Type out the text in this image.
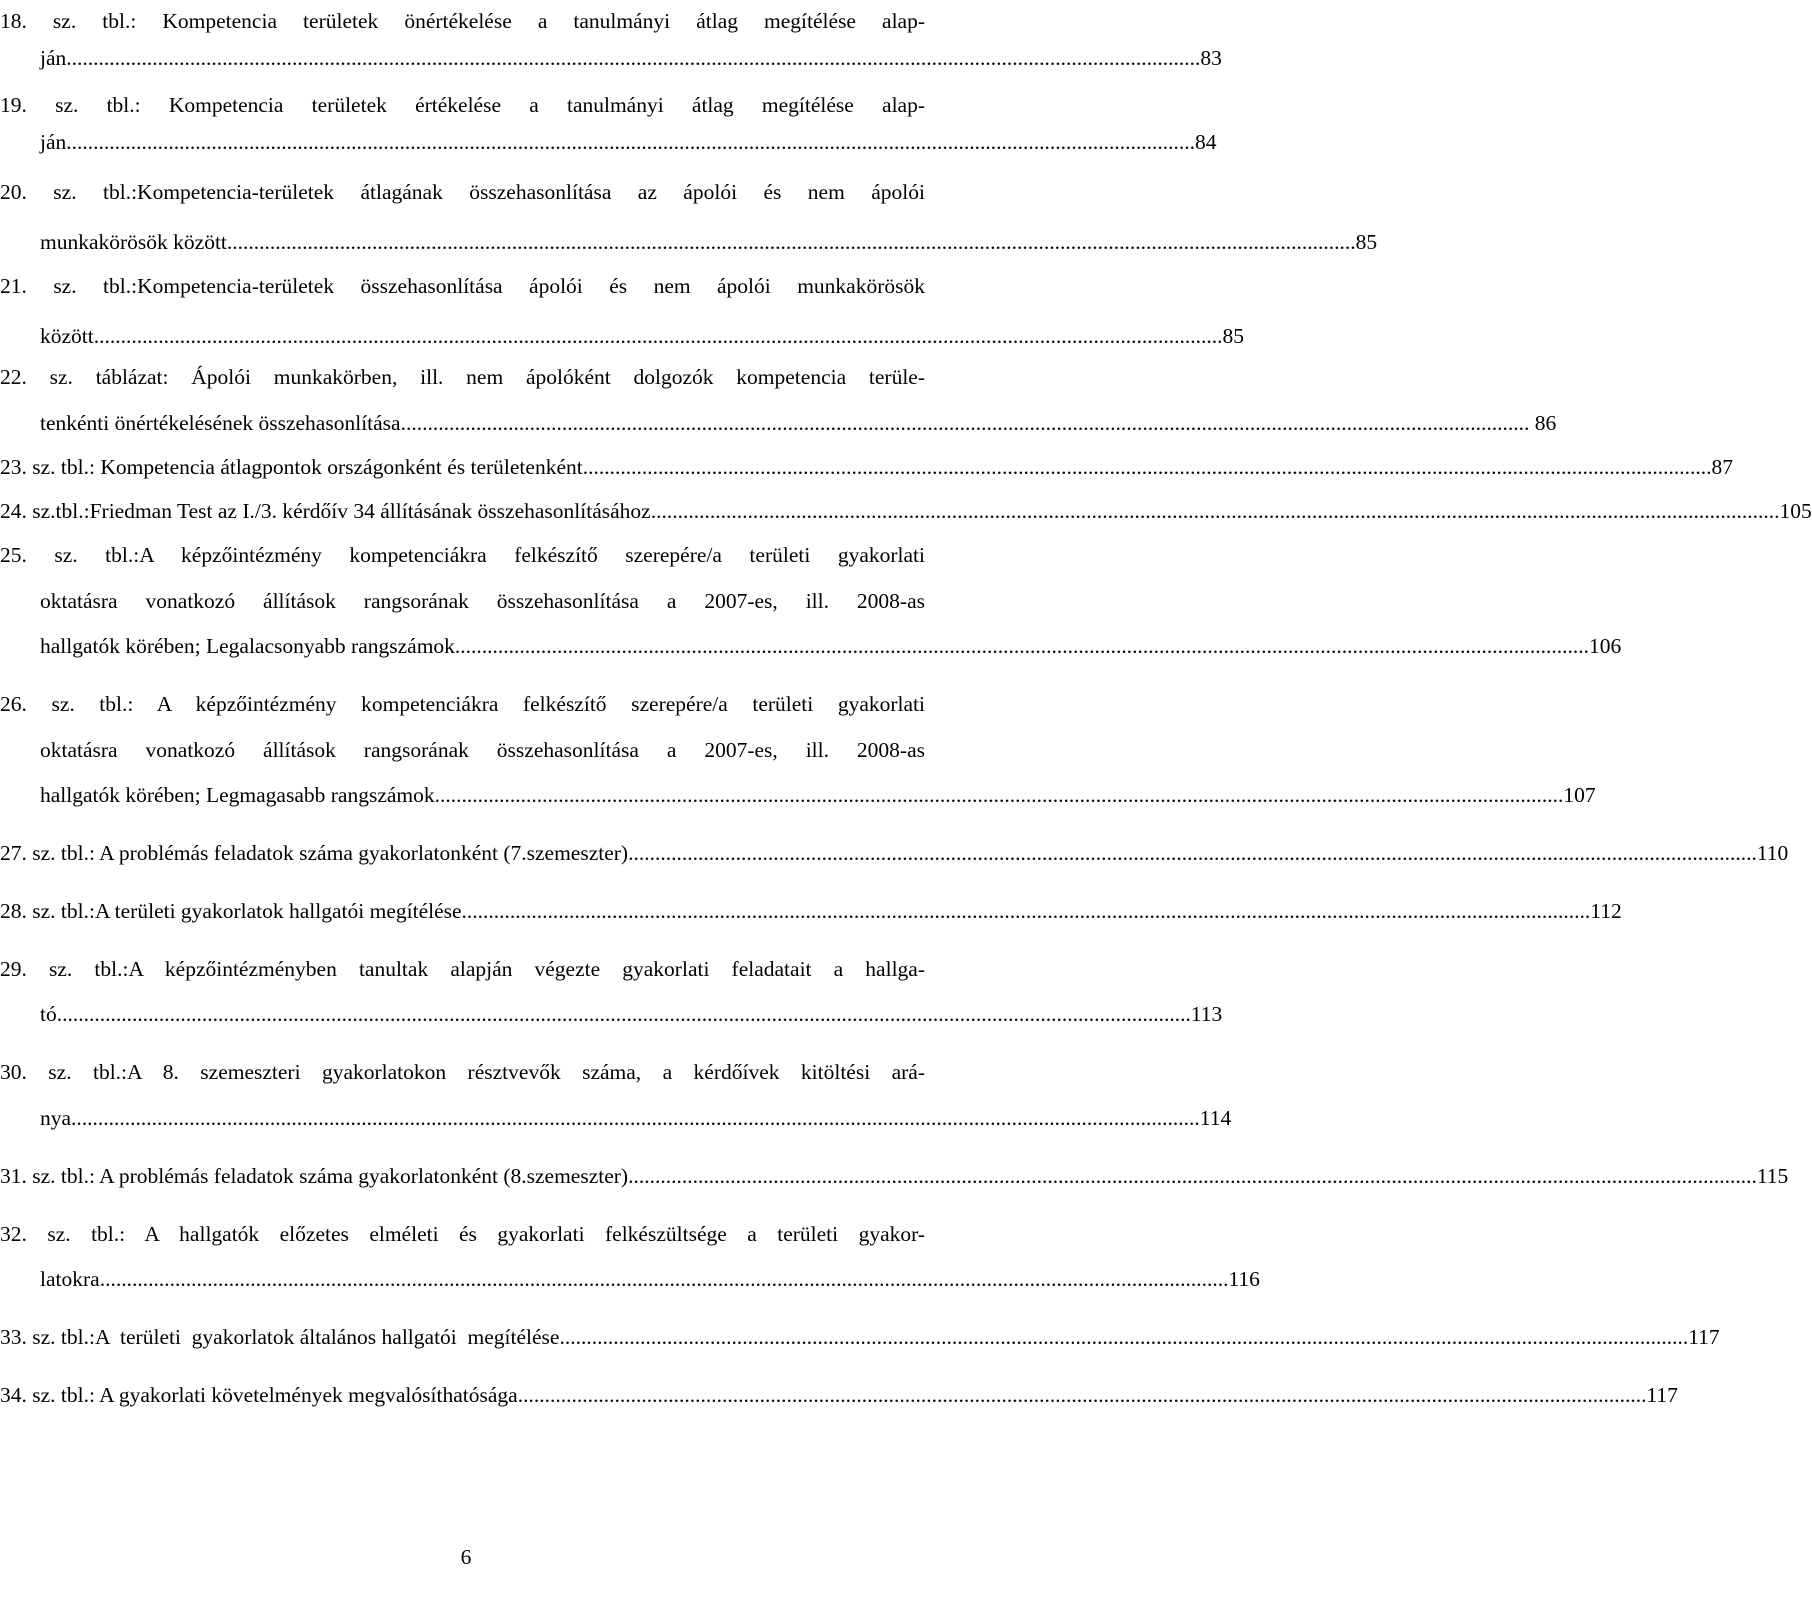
18. sz. tbl.: Kompetencia területek önértékelése a tanulmányi átlag megítélése alap-
ján .................................................................................................................................................................................................................. .83
19. sz. tbl.: Kompetencia területek értékelése a tanulmányi átlag megítélése alap-
ján .................................................................................................................................................................................................................. 84
20. sz. tbl.:Kompetencia-területek átlagának összehasonlítása az ápolói és nem ápolói
munkakörösök között .................................................................................................................................................................................................................. 85
21. sz. tbl.:Kompetencia-területek összehasonlítása ápolói és nem ápolói munkakörösök
között .................................................................................................................................................................................................................. 85
22. sz. táblázat: Ápolói munkakörben, ill. nem ápolóként dolgozók kompetencia terüle-
tenkénti önértékelésének összehasonlítása .................................................................................................................................................................................................................. 86
23. sz. tbl.: Kompetencia átlagpontok országonként és területenként .................................................................................................................................................................................................................. 87
24. sz.tbl.:Friedman Test az I./3. kérdőív 34 állításának összehasonlításához .................................................................................................................................................................................................................. 105
25. sz. tbl.:A képzőintézmény kompetenciákra felkészítő szerepére/a területi gyakorlati
oktatásra vonatkozó állítások rangsorának összehasonlítása a 2007-es, ill. 2008-as
hallgatók körében; Legalacsonyabb rangszámok .................................................................................................................................................................................................................. .106
26. sz. tbl.: A képzőintézmény kompetenciákra felkészítő szerepére/a területi gyakorlati
oktatásra vonatkozó állítások rangsorának összehasonlítása a 2007-es, ill. 2008-as
hallgatók körében; Legmagasabb rangszámok .................................................................................................................................................................................................................. 107
27. sz. tbl.: A problémás feladatok száma gyakorlatonként (7.szemeszter) .................................................................................................................................................................................................................. 110
28. sz. tbl.:A területi gyakorlatok hallgatói megítélése .................................................................................................................................................................................................................. 112
29. sz. tbl.:A képzőintézményben tanultak alapján végezte gyakorlati feladatait a hallga-
tó .................................................................................................................................................................................................................. .113
30. sz. tbl.:A 8. szemeszteri gyakorlatokon résztvevők száma, a kérdőívek kitöltési ará-
nya .................................................................................................................................................................................................................. 114
31. sz. tbl.: A problémás feladatok száma gyakorlatonként (8.szemeszter) .................................................................................................................................................................................................................. 115
32. sz. tbl.: A hallgatók előzetes elméleti és gyakorlati felkészültsége a területi gyakor-
latokra .................................................................................................................................................................................................................. 116
33. sz. tbl.:A  területi  gyakorlatok általános hallgatói  megítélése .................................................................................................................................................................................................................. 117
34. sz. tbl.: A gyakorlati követelmények megvalósíthatósága .................................................................................................................................................................................................................. 117
6
